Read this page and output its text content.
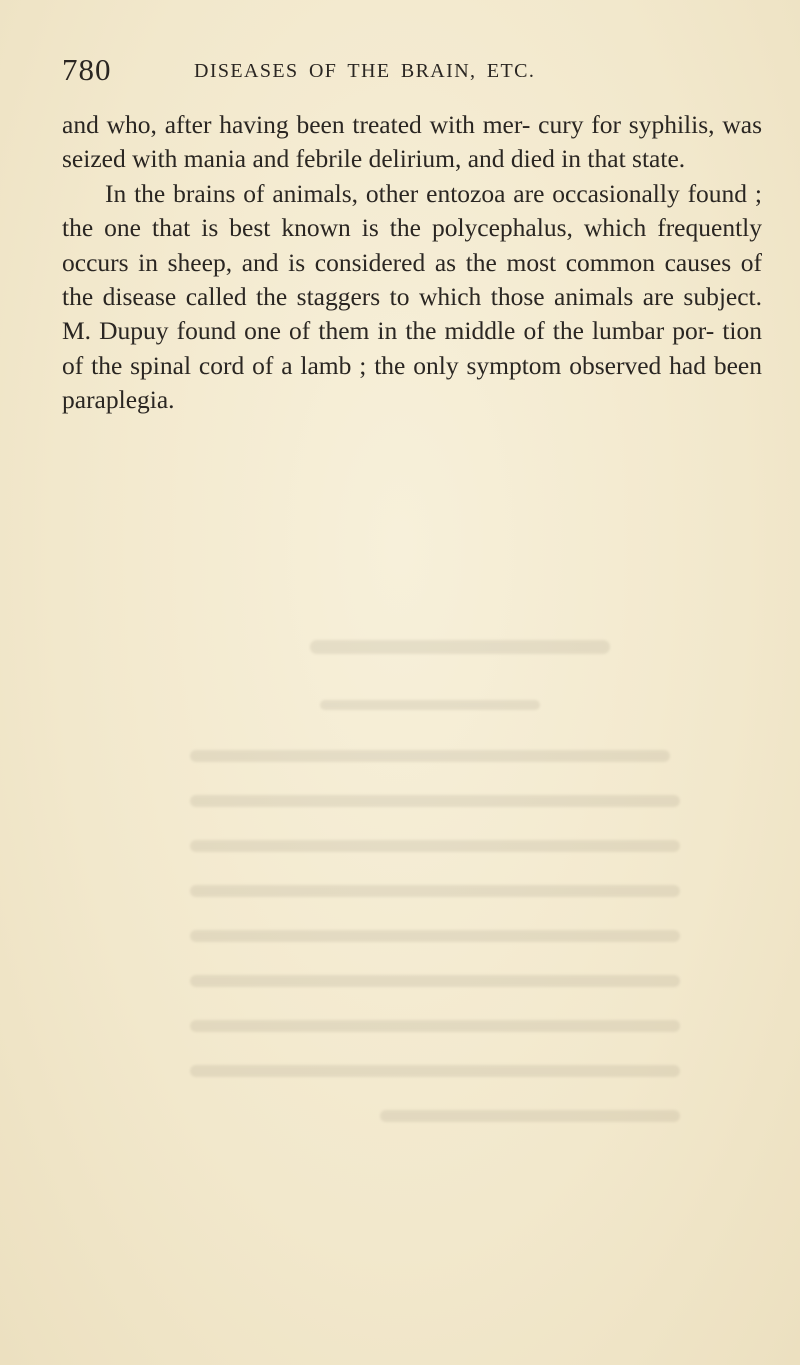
780	DISEASES OF THE BRAIN, ETC.

and who, after having been treated with mer- cury for syphilis, was seized with mania and febrile delirium, and died in that state.

In the brains of animals, other entozoa are occasionally found ; the one that is best known is the polycephalus, which frequently occurs in sheep, and is considered as the most common causes of the disease called the staggers to which those animals are subject. M. Dupuy found one of them in the middle of the lumbar por- tion of the spinal cord of a lamb ; the only symptom observed had been paraplegia.
